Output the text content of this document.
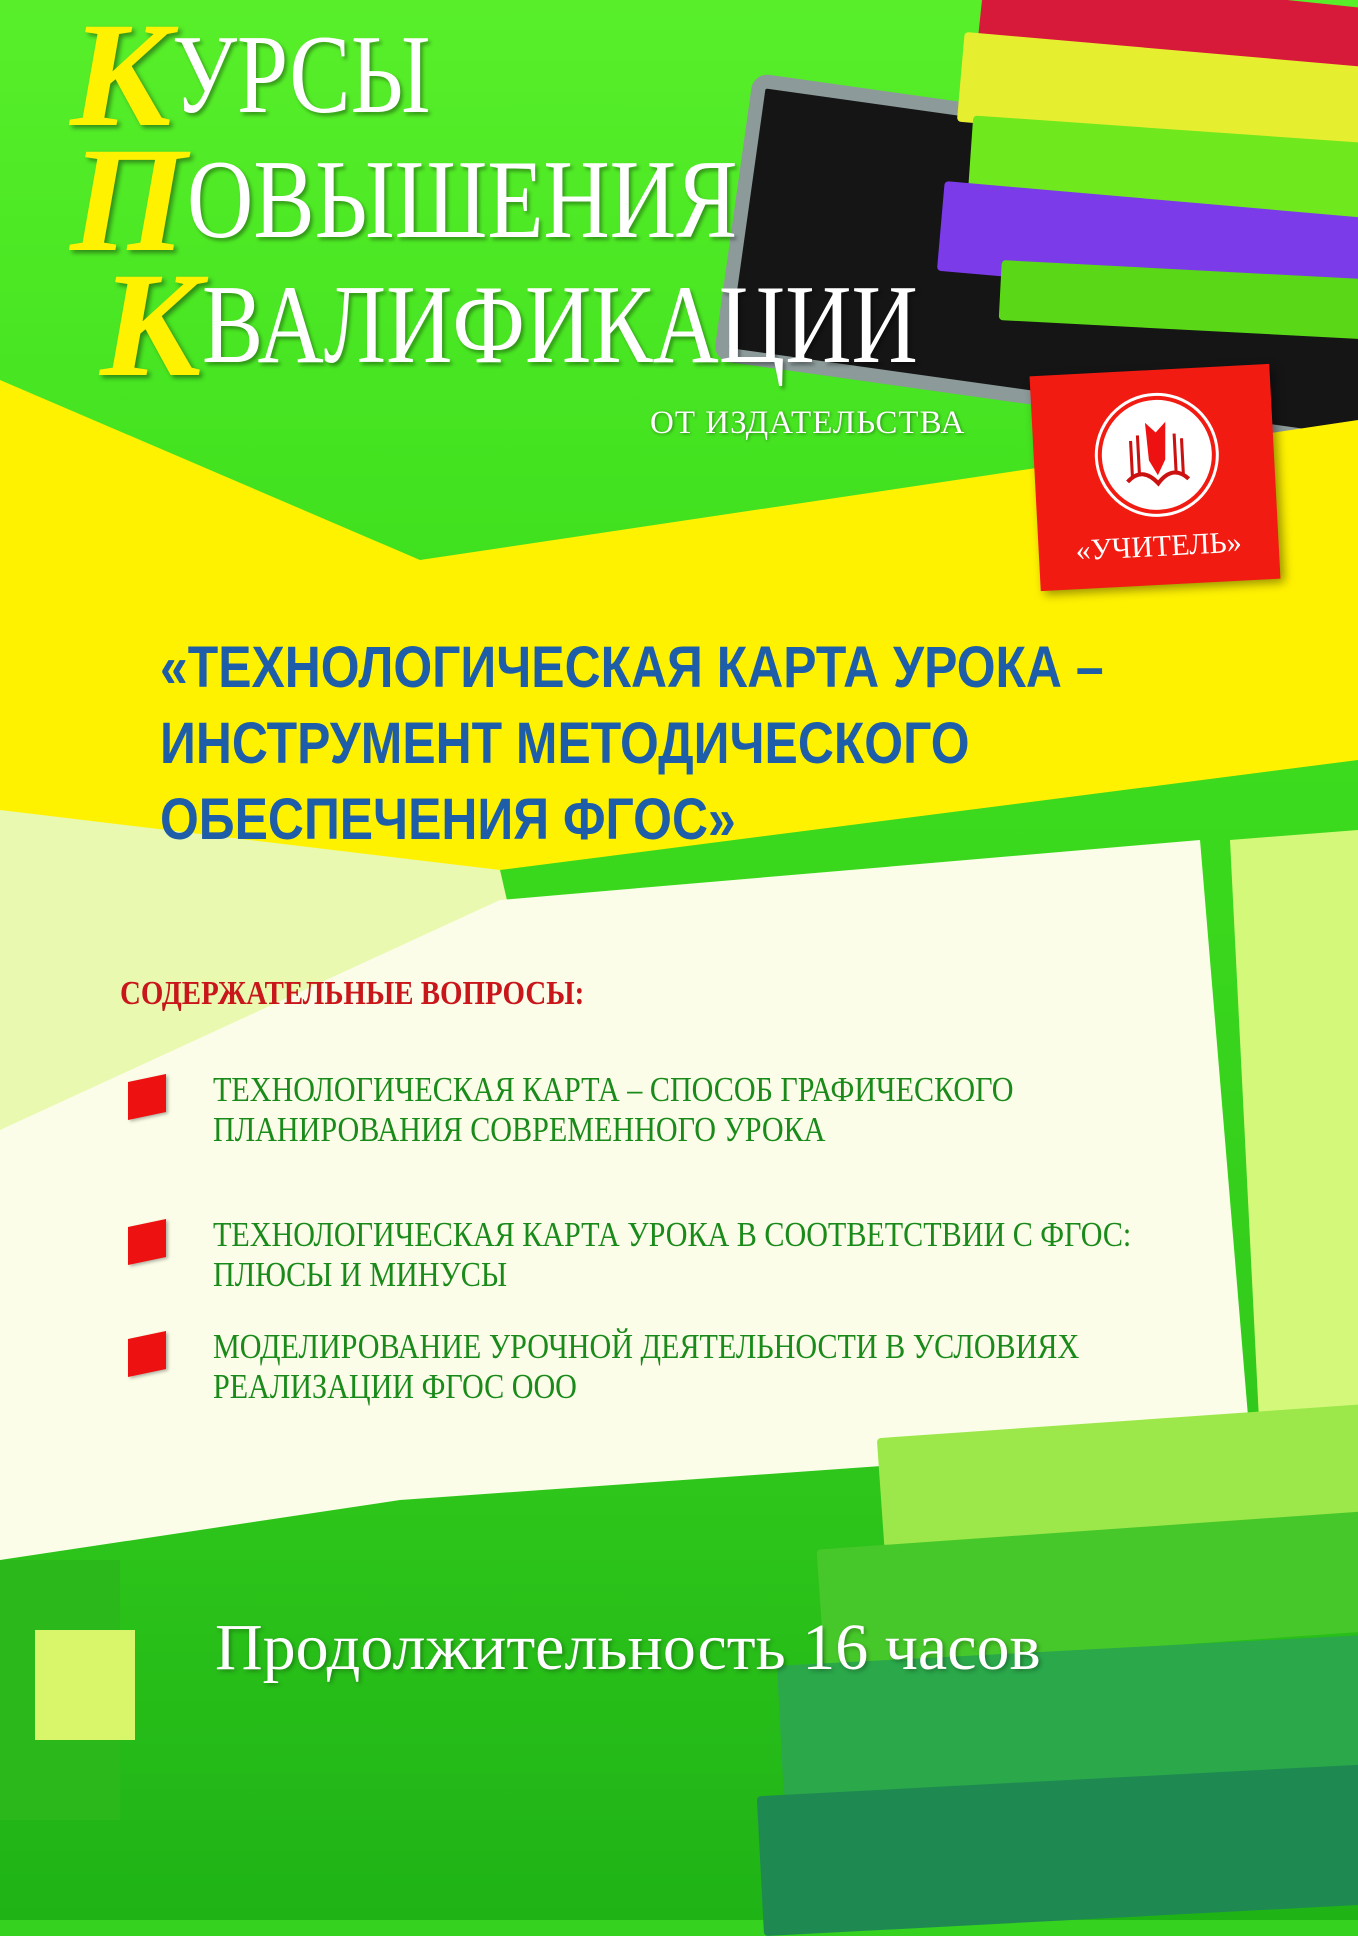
КУРСЫ
ПОВЫШЕНИЯ
КВАЛИФИКАЦИИ
ОТ ИЗДАТЕЛЬСТВА
«УЧИТЕЛЬ»
«ТЕХНОЛОГИЧЕСКАЯ КАРТА УРОКА –
ИНСТРУМЕНТ МЕТОДИЧЕСКОГО
ОБЕСПЕЧЕНИЯ ФГОС»
СОДЕРЖАТЕЛЬНЫЕ ВОПРОСЫ:
ТЕХНОЛОГИЧЕСКАЯ КАРТА – СПОСОБ ГРАФИЧЕСКОГО
ПЛАНИРОВАНИЯ СОВРЕМЕННОГО УРОКА
ТЕХНОЛОГИЧЕСКАЯ КАРТА УРОКА В СООТВЕТСТВИИ С ФГОС:
ПЛЮСЫ И МИНУСЫ
МОДЕЛИРОВАНИЕ УРОЧНОЙ ДЕЯТЕЛЬНОСТИ В УСЛОВИЯХ
РЕАЛИЗАЦИИ ФГОС ООО
Продолжительность 16 часов
